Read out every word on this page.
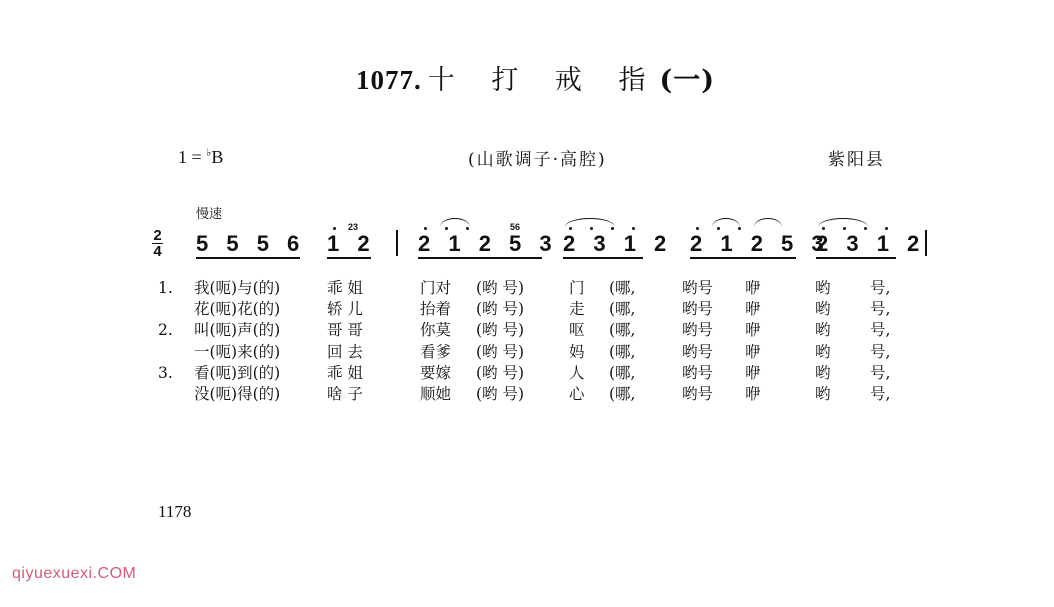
1077. 十 打 戒 指(一)
1 = ♭B	(山歌调子·高腔)	紫阳县
慢速
2
4 5 5 5 6 1 2
23
2 1 2 5 3
56
2 3 1 2 2 1 2 5 3
2 3 1 2
1.	我(呃)与(的)	乖 姐	门对	(哟 号)	门	(哪,	哟号	咿	哟	号,
花(呃)花(的)	轿 儿	抬着	(哟 号)	走	(哪,	哟号	咿	哟	号,
2.	叫(呃)声(的)	哥 哥	你莫	(哟 号)	呕	(哪,	哟号	咿	哟	号,
一(呃)来(的)	回 去	看爹	(哟 号)	妈	(哪,	哟号	咿	哟	号,
3.	看(呃)到(的)	乖 姐	要嫁	(哟 号)	人	(哪,	哟号	咿	哟	号,
没(呃)得(的)	啥 子	顺她	(哟 号)	心	(哪,	哟号	咿	哟	号,
1178
qiyuexuexi.COM
